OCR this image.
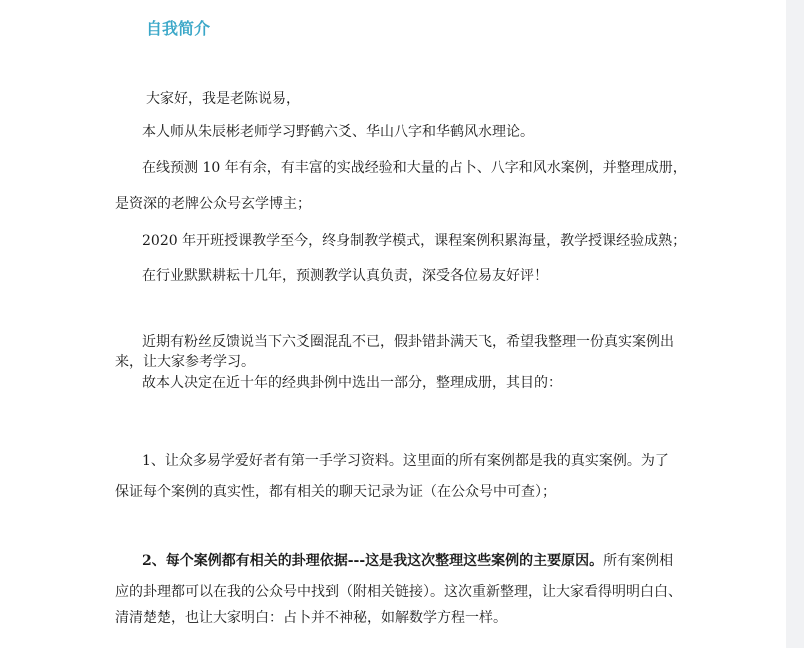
自我简介

大家好，我是老陈说易，

本人师从朱辰彬老师学习野鹤六爻、华山八字和华鹤风水理论。

在线预测 10 年有余，有丰富的实战经验和大量的占卜、八字和风水案例，并整理成册，

是资深的老牌公众号玄学博主；

2020 年开班授课教学至今，终身制教学模式，课程案例积累海量，教学授课经验成熟；

在行业默默耕耘十几年，预测教学认真负责，深受各位易友好评！

近期有粉丝反馈说当下六爻圈混乱不已，假卦错卦满天飞，希望我整理一份真实案例出

来，让大家参考学习。

故本人决定在近十年的经典卦例中选出一部分，整理成册，其目的：

1、让众多易学爱好者有第一手学习资料。这里面的所有案例都是我的真实案例。为了

保证每个案例的真实性，都有相关的聊天记录为证（在公众号中可查）；

2、每个案例都有相关的卦理依据---这是我这次整理这些案例的主要原因。所有案例相

应的卦理都可以在我的公众号中找到（附相关链接）。这次重新整理，让大家看得明明白白、

清清楚楚，也让大家明白：占卜并不神秘，如解数学方程一样。
